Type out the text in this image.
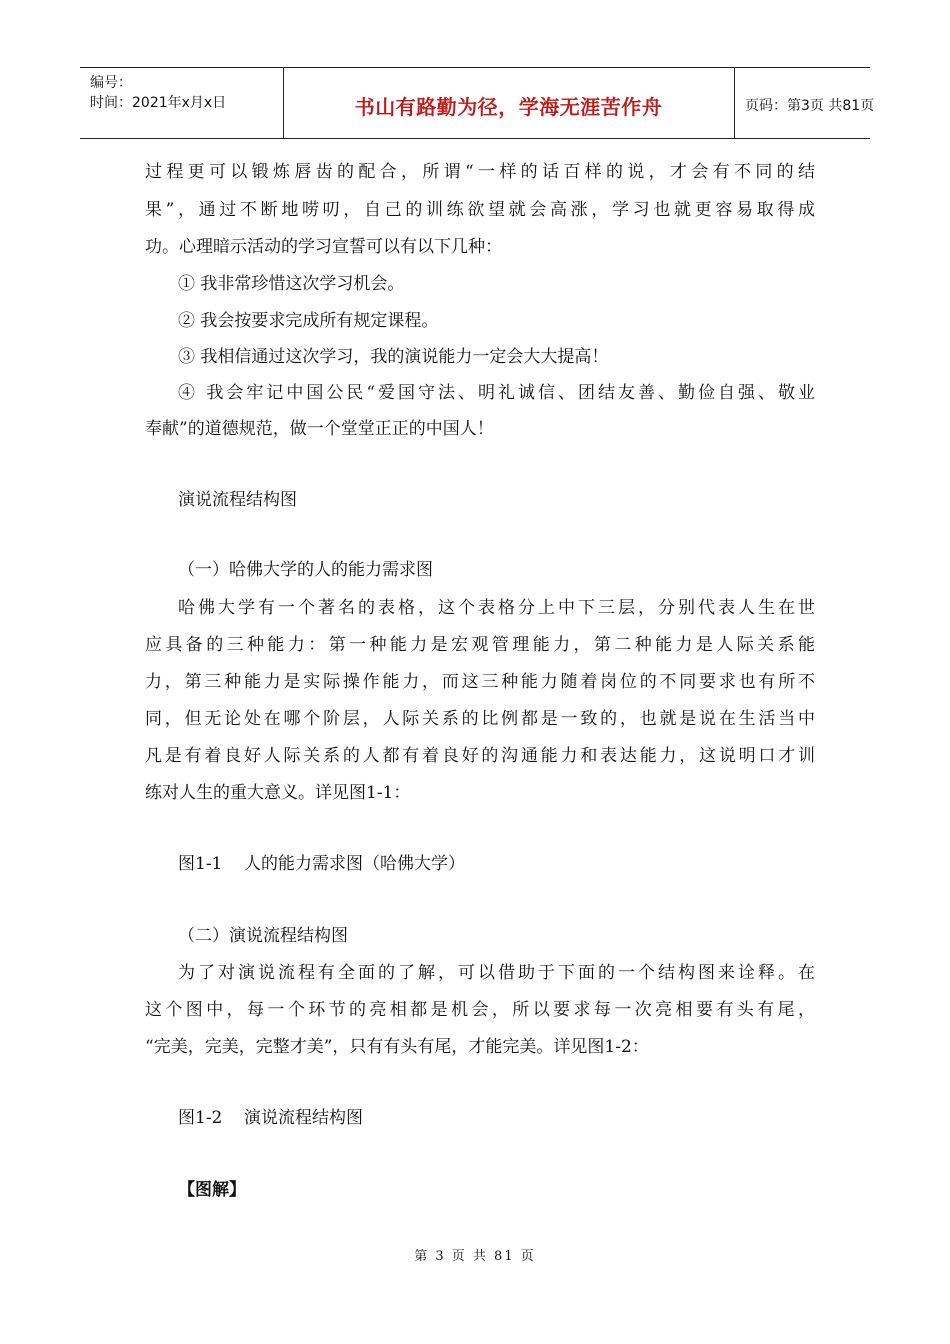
编号：
时间：2021年x月x日	书山有路勤为径，学海无涯苦作舟	页码：第3页 共81页
过程更可以锻炼唇齿的配合，所谓“一样的话百样的说，才会有不同的结
果”，通过不断地唠叨，自己的训练欲望就会高涨，学习也就更容易取得成
功。心理暗示活动的学习宣誓可以有以下几种：
① 我非常珍惜这次学习机会。
② 我会按要求完成所有规定课程。
③ 我相信通过这次学习，我的演说能力一定会大大提高！
④ 我会牢记中国公民“爱国守法、明礼诚信、团结友善、勤俭自强、敬业
奉献”的道德规范，做一个堂堂正正的中国人！
演说流程结构图
（一）哈佛大学的人的能力需求图
哈佛大学有一个著名的表格，这个表格分上中下三层，分别代表人生在世
应具备的三种能力：第一种能力是宏观管理能力，第二种能力是人际关系能
力，第三种能力是实际操作能力，而这三种能力随着岗位的不同要求也有所不
同，但无论处在哪个阶层，人际关系的比例都是一致的，也就是说在生活当中
凡是有着良好人际关系的人都有着良好的沟通能力和表达能力，这说明口才训
练对人生的重大意义。详见图1-1：
图1-1    人的能力需求图（哈佛大学）
（二）演说流程结构图
为了对演说流程有全面的了解，可以借助于下面的一个结构图来诠释。在
这个图中，每一个环节的亮相都是机会，所以要求每一次亮相要有头有尾，
“完美，完美，完整才美”，只有有头有尾，才能完美。详见图1-2：
图1-2    演说流程结构图
【图解】
第 3 页 共 81 页
